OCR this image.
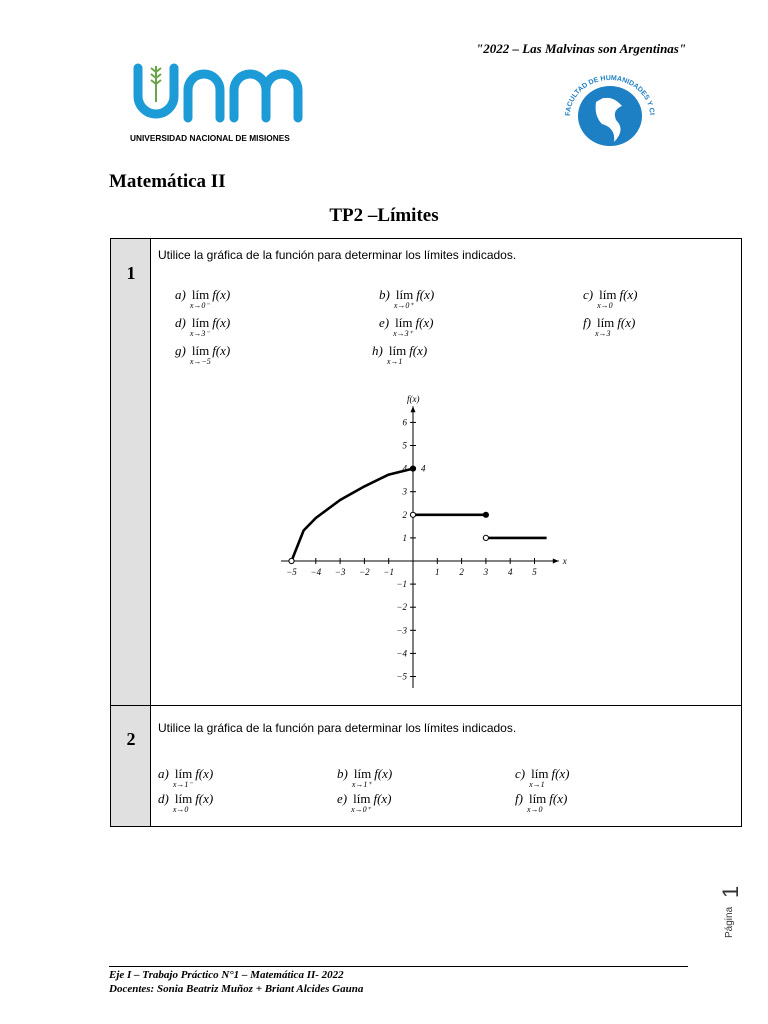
"2022 – Las Malvinas son Argentinas"
UNIVERSIDAD NACIONAL DE MISIONES
FACULTAD DE HUMANIDADES Y CI
Matemática II
TP2 –Límites
1
Utilice la gráfica de la función para determinar los límites indicados.
a) lím
x→0⁻
f(x)	b) lím
x→0⁺
f(x)	c) lím
x→0
f(x)
d) lím
x→3⁻
f(x)	e) lím
x→3⁺
f(x)	f) lím
x→3
f(x)
g) lím
x→−5
f(x)	h) lím
x→1
f(x)
x
f(x)
−5 −4 −3 −2 −1	1 2 3 4 5
−5
−4
−3
−2
−1
1
2
3
4
5
6
4
2
Utilice la gráfica de la función para determinar los límites indicados.
a) lím
x→1⁻
f(x)	b) lím
x→1⁺
f(x)	c) lím
x→1
f(x)
d) lím
x→0
f(x)	e) lím
x→0⁺
f(x)	f) lím
x→0
f(x)
Página
1
Eje I – Trabajo Práctico N°1 – Matemática II- 2022
Docentes: Sonia Beatriz Muñoz + Briant Alcides Gauna
